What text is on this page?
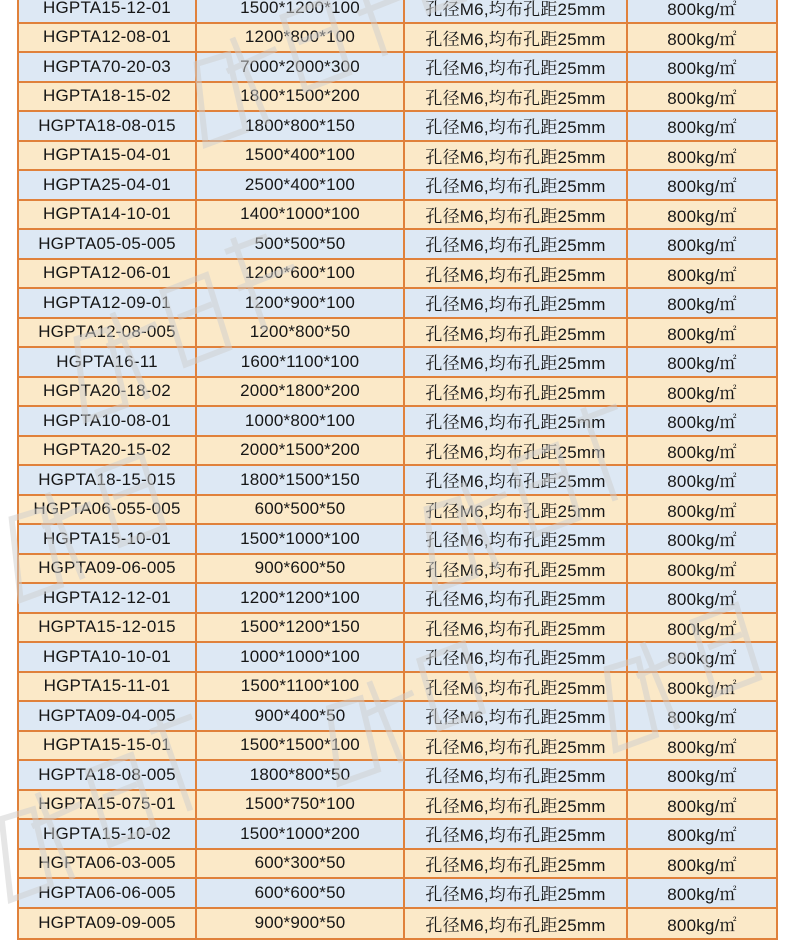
HGPTA15-12-01	1500*1200*100	孔径M6,均布孔距25mm	800kg/㎡
HGPTA12-08-01	1200*800*100	孔径M6,均布孔距25mm	800kg/㎡
HGPTA70-20-03	7000*2000*300	孔径M6,均布孔距25mm	800kg/㎡
HGPTA18-15-02	1800*1500*200	孔径M6,均布孔距25mm	800kg/㎡
HGPTA18-08-015	1800*800*150	孔径M6,均布孔距25mm	800kg/㎡
HGPTA15-04-01	1500*400*100	孔径M6,均布孔距25mm	800kg/㎡
HGPTA25-04-01	2500*400*100	孔径M6,均布孔距25mm	800kg/㎡
HGPTA14-10-01	1400*1000*100	孔径M6,均布孔距25mm	800kg/㎡
HGPTA05-05-005	500*500*50	孔径M6,均布孔距25mm	800kg/㎡
HGPTA12-06-01	1200*600*100	孔径M6,均布孔距25mm	800kg/㎡
HGPTA12-09-01	1200*900*100	孔径M6,均布孔距25mm	800kg/㎡
HGPTA12-08-005	1200*800*50	孔径M6,均布孔距25mm	800kg/㎡
HGPTA16-11	1600*1100*100	孔径M6,均布孔距25mm	800kg/㎡
HGPTA20-18-02	2000*1800*200	孔径M6,均布孔距25mm	800kg/㎡
HGPTA10-08-01	1000*800*100	孔径M6,均布孔距25mm	800kg/㎡
HGPTA20-15-02	2000*1500*200	孔径M6,均布孔距25mm	800kg/㎡
HGPTA18-15-015	1800*1500*150	孔径M6,均布孔距25mm	800kg/㎡
HGPTA06-055-005	600*500*50	孔径M6,均布孔距25mm	800kg/㎡
HGPTA15-10-01	1500*1000*100	孔径M6,均布孔距25mm	800kg/㎡
HGPTA09-06-005	900*600*50	孔径M6,均布孔距25mm	800kg/㎡
HGPTA12-12-01	1200*1200*100	孔径M6,均布孔距25mm	800kg/㎡
HGPTA15-12-015	1500*1200*150	孔径M6,均布孔距25mm	800kg/㎡
HGPTA10-10-01	1000*1000*100	孔径M6,均布孔距25mm	800kg/㎡
HGPTA15-11-01	1500*1100*100	孔径M6,均布孔距25mm	800kg/㎡
HGPTA09-04-005	900*400*50	孔径M6,均布孔距25mm	800kg/㎡
HGPTA15-15-01	1500*1500*100	孔径M6,均布孔距25mm	800kg/㎡
HGPTA18-08-005	1800*800*50	孔径M6,均布孔距25mm	800kg/㎡
HGPTA15-075-01	1500*750*100	孔径M6,均布孔距25mm	800kg/㎡
HGPTA15-10-02	1500*1000*200	孔径M6,均布孔距25mm	800kg/㎡
HGPTA06-03-005	600*300*50	孔径M6,均布孔距25mm	800kg/㎡
HGPTA06-06-005	600*600*50	孔径M6,均布孔距25mm	800kg/㎡
HGPTA09-09-005	900*900*50	孔径M6,均布孔距25mm	800kg/㎡
